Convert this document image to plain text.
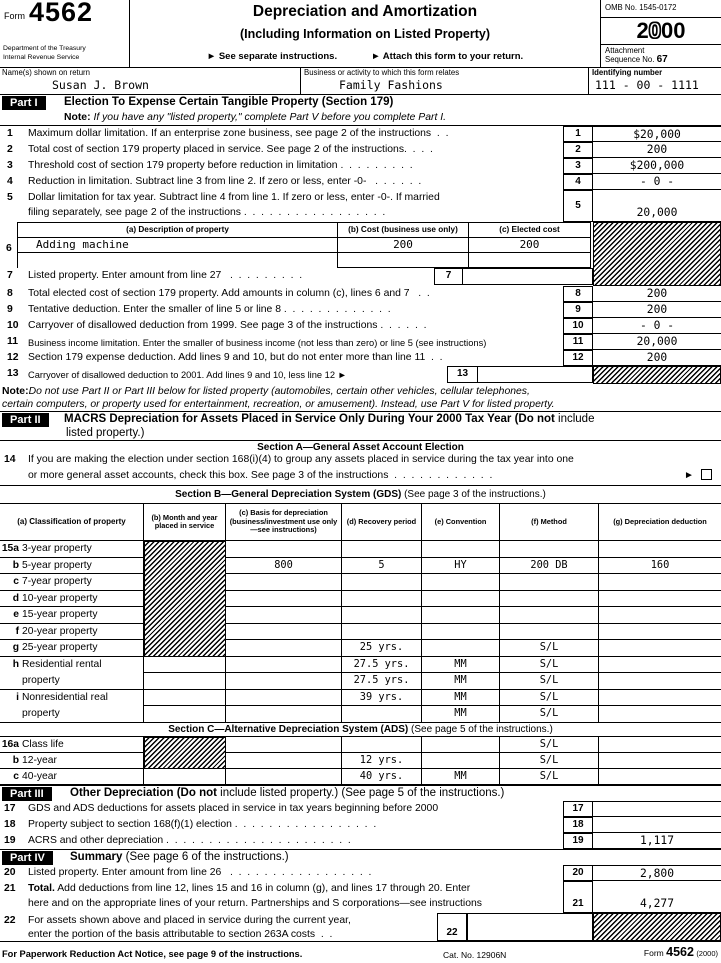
Form 4562
Department of the Treasury
Internal Revenue Service
Depreciation and Amortization
(Including Information on Listed Property)
► See separate instructions.	► Attach this form to your return.
OMB No. 1545-0172
2000
Attachment
Sequence No. 67
Name(s) shown on return
Susan J. Brown
Business or activity to which this form relates
Family Fashions
Identifying number
111 - 00 - 1111
Part I	Election To Expense Certain Tangible Property (Section 179)
Note: If you have any "listed property," complete Part V before you complete Part I.
1 Maximum dollar limitation. If an enterprise zone business, see page 2 of the instructions  .  .	1	$20,000
2 Total cost of section 179 property placed in service. See page 2 of the instructions.  .  .  .	2	200
3 Threshold cost of section 179 property before reduction in limitation .  .  .  .  .  .  .  .  .	3	$200,000
4 Reduction in limitation. Subtract line 3 from line 2. If zero or less, enter -0-   .  .  .  .  .  .	4	- 0 -
5 Dollar limitation for tax year. Subtract line 4 from line 1. If zero or less, enter -0-. If married
filing separately, see page 2 of the instructions .  .  .  .  .  .  .  .  .  .  .  .  .  .  .  .  .
5
20,000
6
(a) Description of property	(b) Cost (business use only)	(c) Elected cost
Adding machine	200	200
7 Listed property. Enter amount from line 27   .  .  .  .  .  .  .  .  .	7
8 Total elected cost of section 179 property. Add amounts in column (c), lines 6 and 7   .  .	8	200
9 Tentative deduction. Enter the smaller of line 5 or line 8 .  .  .  .  .  .  .  .  .  .  .  .  .	9	200
10 Carryover of disallowed deduction from 1999. See page 3 of the instructions .  .  .  .  .  .	10	- 0 -
11 Business income limitation. Enter the smaller of business income (not less than zero) or line 5 (see instructions)	11	20,000
12 Section 179 expense deduction. Add lines 9 and 10, but do not enter more than line 11  .  .	12	200
13 Carryover of disallowed deduction to 2001. Add lines 9 and 10, less line 12 ►	13
Note:Do not use Part II or Part III below for listed property (automobiles, certain other vehicles, cellular telephones,
certain computers, or property used for entertainment, recreation, or amusement). Instead, use Part V for listed property.
Part II	MACRS Depreciation for Assets Placed in Service Only During Your 2000 Tax Year (Do not include
listed property.)
Section A—General Asset Account Election
14 If you are making the election under section 168(i)(4) to group any assets placed in service during the tax year into one
or more general asset accounts, check this box. See page 3 of the instructions  .  .  .  .  .  .  .  .  .  .  .  .	►
Section B—General Depreciation System (GDS) (See page 3 of the instructions.)
(a) Classification of property	(b) Month and year placed in service
(c) Basis for depreciation (business/investment use only—see instructions)
(d) Recovery period	(e) Convention	(f) Method	(g) Depreciation deduction
15a 3-year property
b 5-year property	800	5	HY	200 DB	160
c 7-year property
d 10-year property
e 15-year property
f 20-year property
g 25-year property	25 yrs.	S/L
h Residential rental	27.5 yrs.	MM	S/L
property	27.5 yrs.	MM	S/L
i Nonresidential real	39 yrs.	MM	S/L
property	MM	S/L
Section C—Alternative Depreciation System (ADS) (See page 5 of the instructions.)
16a Class life	S/L
b 12-year	12 yrs.	S/L
c 40-year	40 yrs.	MM	S/L
Part III	Other Depreciation (Do not include listed property.) (See page 5 of the instructions.)
17 GDS and ADS deductions for assets placed in service in tax years beginning before 2000	17
18 Property subject to section 168(f)(1) election .  .  .  .  .  .  .  .  .  .  .  .  .  .  .  .  .	18
19 ACRS and other depreciation .  .  .  .  .  .  .  .  .  .  .  .  .  .  .  .  .  .  .  .  .  .	19	1,117
Part IV	Summary (See page 6 of the instructions.)
20 Listed property. Enter amount from line 26   .  .  .  .  .  .  .  .  .  .  .  .  .  .  .  .  .	20	2,800
21 Total. Add deductions from line 12, lines 15 and 16 in column (g), and lines 17 through 20. Enter
here and on the appropriate lines of your return. Partnerships and S corporations—see instructions	21	4,277
22 For assets shown above and placed in service during the current year,
enter the portion of the basis attributable to section 263A costs  .  .	22
For Paperwork Reduction Act Notice, see page 9 of the instructions.	Cat. No. 12906N	Form 4562 (2000)
